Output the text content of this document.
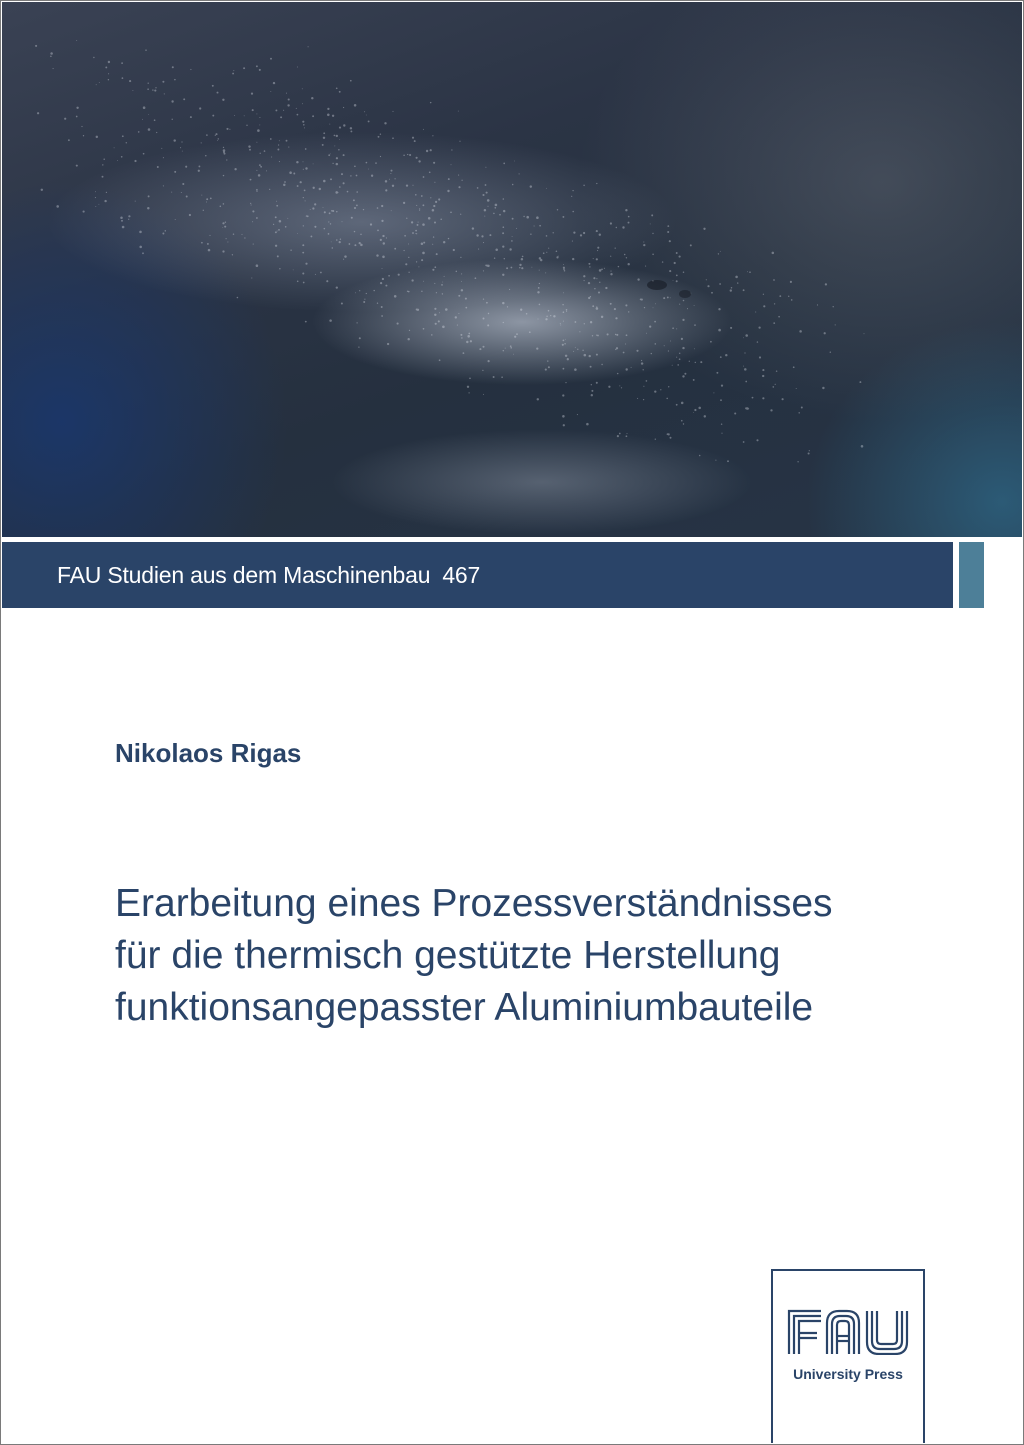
FAU Studien aus dem Maschinenbau 467
Nikolaos Rigas
Erarbeitung eines Prozessverständnisses
für die thermisch gestützte Herstellung
funktionsangepasster Aluminiumbauteile
University Press
